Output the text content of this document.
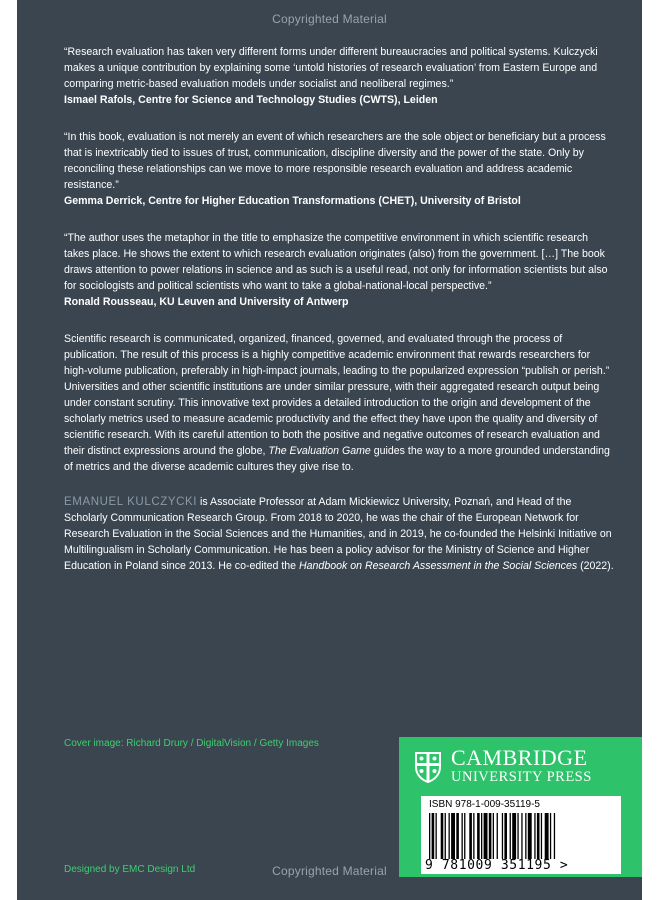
Copyrighted Material

“Research evaluation has taken very different forms under different bureaucracies and political systems. Kulczycki makes a unique contribution by explaining some ‘untold histories of research evaluation’ from Eastern Europe and comparing metric-based evaluation models under socialist and neoliberal regimes.”

Ismael Rafols, Centre for Science and Technology Studies (CWTS), Leiden

“In this book, evaluation is not merely an event of which researchers are the sole object or beneficiary but a process that is inextricably tied to issues of trust, communication, discipline diversity and the power of the state. Only by reconciling these relationships can we move to more responsible research evaluation and address academic resistance.”

Gemma Derrick, Centre for Higher Education Transformations (CHET), University of Bristol

“The author uses the metaphor in the title to emphasize the competitive environment in which scientific research takes place. He shows the extent to which research evaluation originates (also) from the government. […] The book draws attention to power relations in science and as such is a useful read, not only for information scientists but also for sociologists and political scientists who want to take a global-national-local perspective.”

Ronald Rousseau, KU Leuven and University of Antwerp

Scientific research is communicated, organized, financed, governed, and evaluated through the process of publication. The result of this process is a highly competitive academic environment that rewards researchers for high-volume publication, preferably in high-impact journals, leading to the popularized expression “publish or perish.” Universities and other scientific institutions are under similar pressure, with their aggregated research output being under constant scrutiny. This innovative text provides a detailed introduction to the origin and development of the scholarly metrics used to measure academic productivity and the effect they have upon the quality and diversity of scientific research. With its careful attention to both the positive and negative outcomes of research evaluation and their distinct expressions around the globe, The Evaluation Game guides the way to a more grounded understanding of metrics and the diverse academic cultures they give rise to.

EMANUEL KULCZYCKI is Associate Professor at Adam Mickiewicz University, Poznań, and Head of the Scholarly Communication Research Group. From 2018 to 2020, he was the chair of the European Network for Research Evaluation in the Social Sciences and the Humanities, and in 2019, he co-founded the Helsinki Initiative on Multilingualism in Scholarly Communication. He has been a policy advisor for the Ministry of Science and Higher Education in Poland since 2013. He co-edited the Handbook on Research Assessment in the Social Sciences (2022).

Cover image: Richard Drury / DigitalVision / Getty Images
Designed by EMC Design Ltd	Copyrighted Material
CAMBRIDGE
UNIVERSITY PRESS
ISBN 978-1-009-35119-5
9 781009 351195 >
